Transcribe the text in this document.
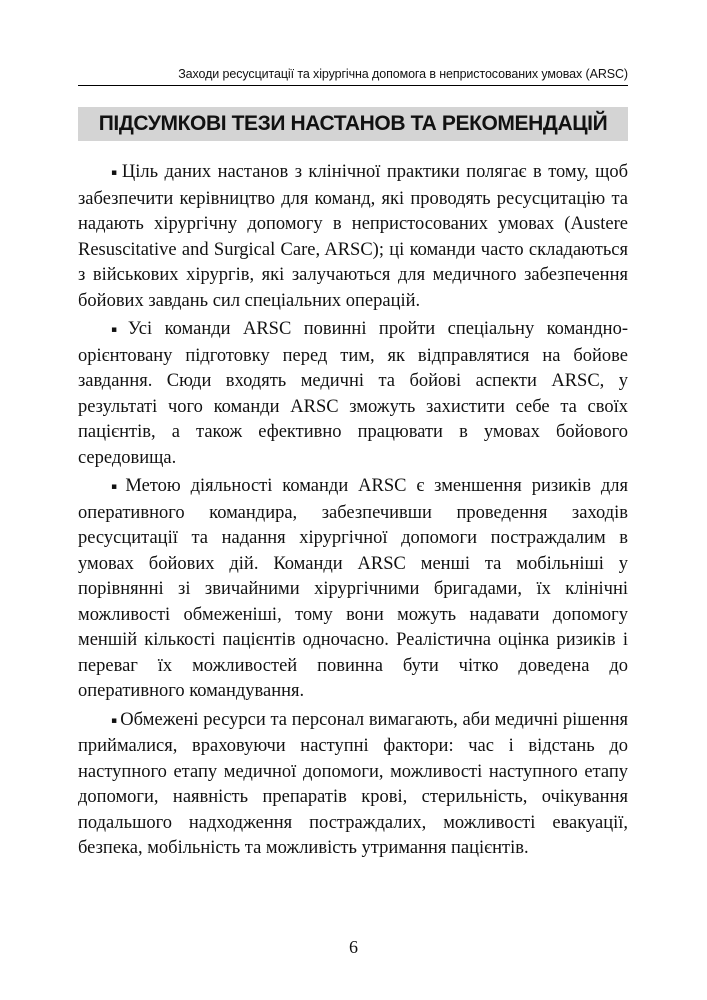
Заходи ресусцитації та хірургічна допомога в непристосованих умовах (ARSC)
ПІДСУМКОВІ ТЕЗИ НАСТАНОВ ТА РЕКОМЕНДАЦІЙ

▪ Ціль даних настанов з клінічної практики полягає в тому, щоб забезпечити керівництво для команд, які проводять ресусцитацію та надають хірургічну допомогу в непристосованих умовах (Austere Resuscitative and Surgical Care, ARSC); ці команди часто складаються з військових хірургів, які залучаються для медичного забезпечення бойових завдань сил спеціальних операцій.

▪ Усі команди ARSC повинні пройти спеціальну командно-орієнтовану підготовку перед тим, як відправлятися на бойове завдання. Сюди входять медичні та бойові аспекти ARSC, у результаті чого команди ARSC зможуть захистити себе та своїх пацієнтів, а також ефективно працювати в умовах бойового середовища.

▪ Метою діяльності команди ARSC є зменшення ризиків для оперативного командира, забезпечивши проведення заходів ресусцитації та надання хірургічної допомоги постраждалим в умовах бойових дій. Команди ARSC менші та мобільніші у порівнянні зі звичайними хірургічними бригадами, їх клінічні можливості обмеженіші, тому вони можуть надавати допомогу меншій кількості пацієнтів одночасно. Реалістична оцінка ризиків і переваг їх можливостей повинна бути чітко доведена до оперативного командування.

▪ Обмежені ресурси та персонал вимагають, аби медичні рішення приймалися, враховуючи наступні фактори: час і відстань до наступного етапу медичної допомоги, можливості наступного етапу допомоги, наявність препаратів крові, стерильність, очікування подальшого надходження постраждалих, можливості евакуації, безпека, мобільність та можливість утримання пацієнтів.

6
